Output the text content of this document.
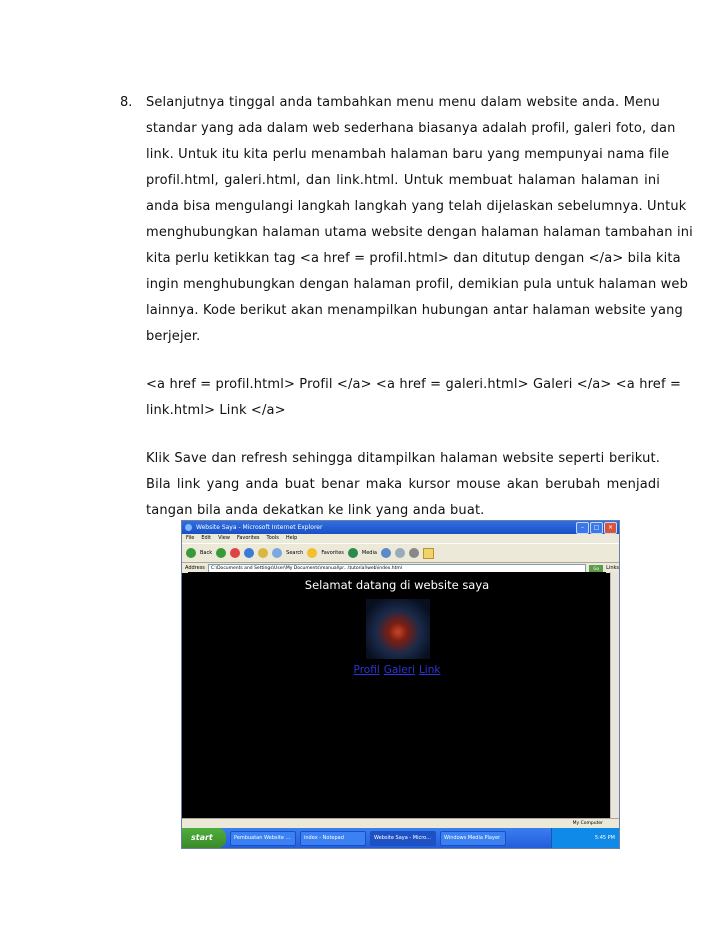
8. Selanjutnya tinggal anda tambahkan menu menu dalam website anda. Menu
standar yang ada dalam web sederhana biasanya adalah profil, galeri foto, dan
link. Untuk itu kita perlu menambah halaman baru yang mempunyai nama file
profil.html, galeri.html, dan link.html. Untuk membuat halaman halaman ini
anda bisa mengulangi langkah langkah yang telah dijelaskan sebelumnya. Untuk
menghubungkan halaman utama website dengan halaman halaman tambahan ini
kita perlu ketikkan tag <a href = profil.html> dan ditutup dengan </a> bila kita
ingin menghubungkan dengan halaman profil, demikian pula untuk halaman web
lainnya. Kode berikut akan menampilkan hubungan antar halaman website yang
berjejer.
<a href = profil.html> Profil </a> <a href = galeri.html> Galeri </a> <a href =
link.html> Link </a>
Klik Save dan refresh sehingga ditampilkan halaman website seperti berikut.
Bila link yang anda buat benar maka kursor mouse akan berubah menjadi
tangan bila anda dekatkan ke link yang anda buat.
Website Saya - Microsoft Internet Explorer	–	□	×
File Edit View Favorites Tools Help
Back	Search	Favorites	Media
Address	C:\Documents and Settings\User\My Documents\manual\pr...\tutorial\web\index.html	Go	Links
Selamat datang di website saya
Profil Galeri Link
My Computer
start	Pembuatan Website ...	index - Notepad	Website Saya - Micro...	Windows Media Player	5:45 PM
